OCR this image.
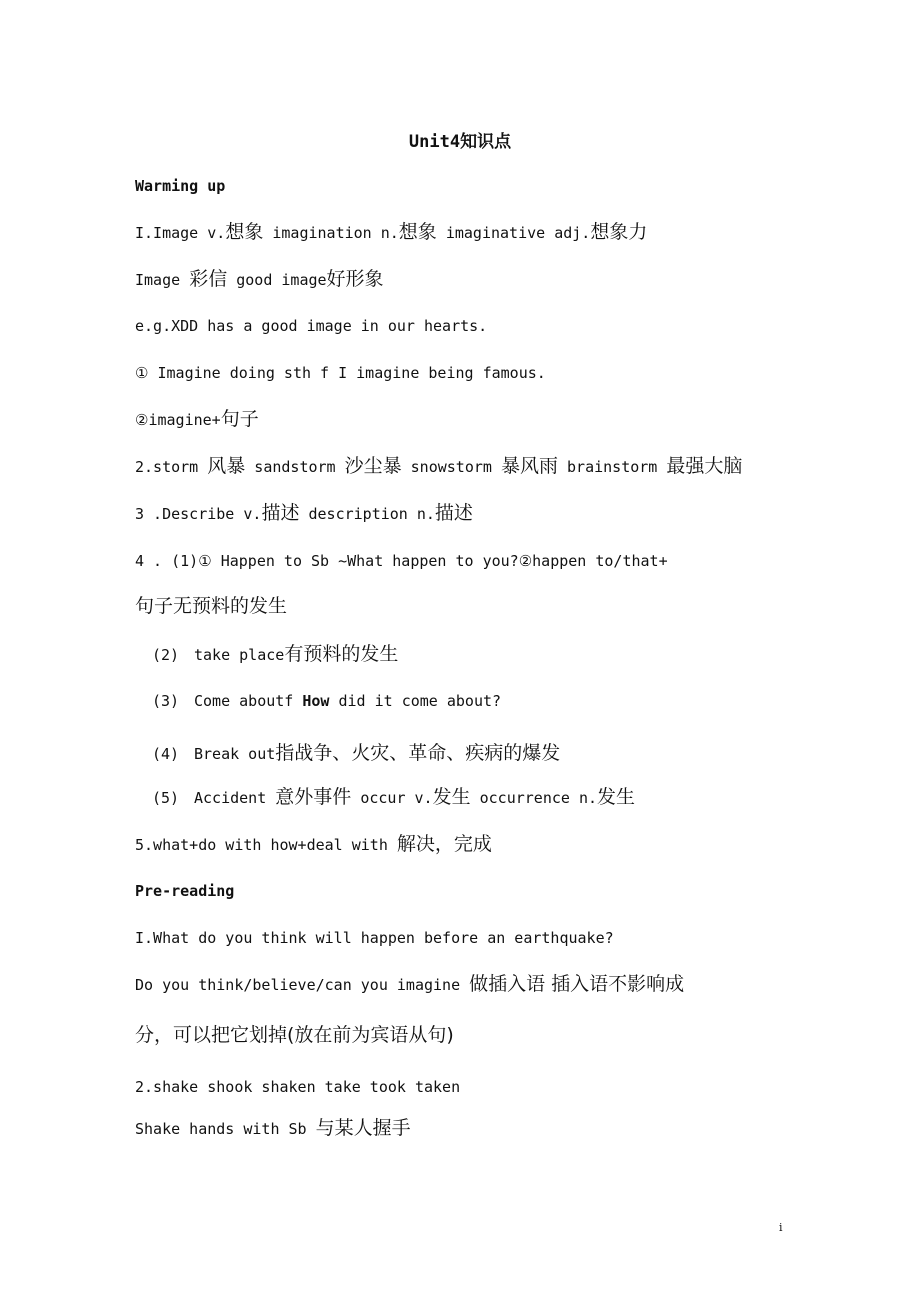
Unit4知识点
Warming up
I.Image v.想象 imagination n.想象 imaginative adj.想象力
Image 彩信 good image好形象
e.g.XDD has a good image in our hearts.
① Imagine doing sth f I imagine being famous.
②imagine+句子
2.storm 风暴 sandstorm 沙尘暴 snowstorm 暴风雨 brainstorm 最强大脑
3 .Describe v.描述 description n.描述
4 . (1)① Happen to Sb ~What happen to you?②happen to/that+
句子无预料的发生
(2) take place有预料的发生
(3) Come aboutf How did it come about?
(4) Break out指战争、火灾、革命、疾病的爆发
(5) Accident 意外事件 occur v.发生 occurrence n.发生
5.what+do with how+deal with 解决，完成
Pre-reading
I.What do you think will happen before an earthquake?
Do you think/believe/can you imagine 做插入语 插入语不影响成
分，可以把它划掉(放在前为宾语从句)
2.shake shook shaken take took taken
Shake hands with Sb 与某人握手
i
